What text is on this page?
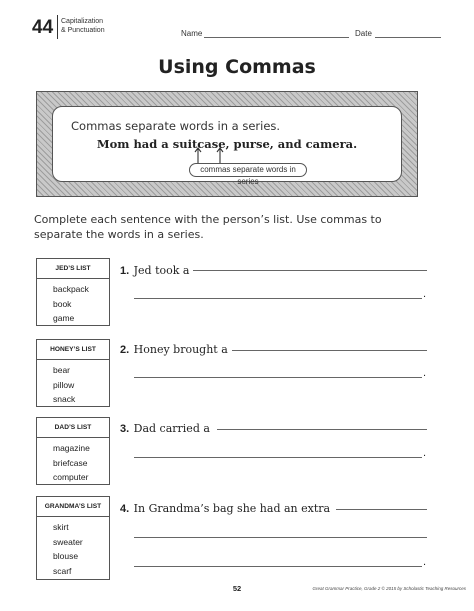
44 Capitalization
& Punctuation	Name	Date
Using Commas
Commas separate words in a series.
Mom had a suitcase, purse, and camera.
commas separate words in series
Complete each sentence with the person’s list. Use commas to separate the words in a series.
JED’S LIST
backpack
book
game
HONEY’S LIST
bear
pillow
snack
DAD’S LIST
magazine
briefcase
computer
GRANDMA’S LIST
skirt
sweater
blouse
scarf
1. Jed took a
.
2. Honey brought a
.
3. Dad carried a
.
4. In Grandma’s bag she had an extra
.
52	Great Grammar Practice, Grade 2 © 2015 by Scholastic Teaching Resources
